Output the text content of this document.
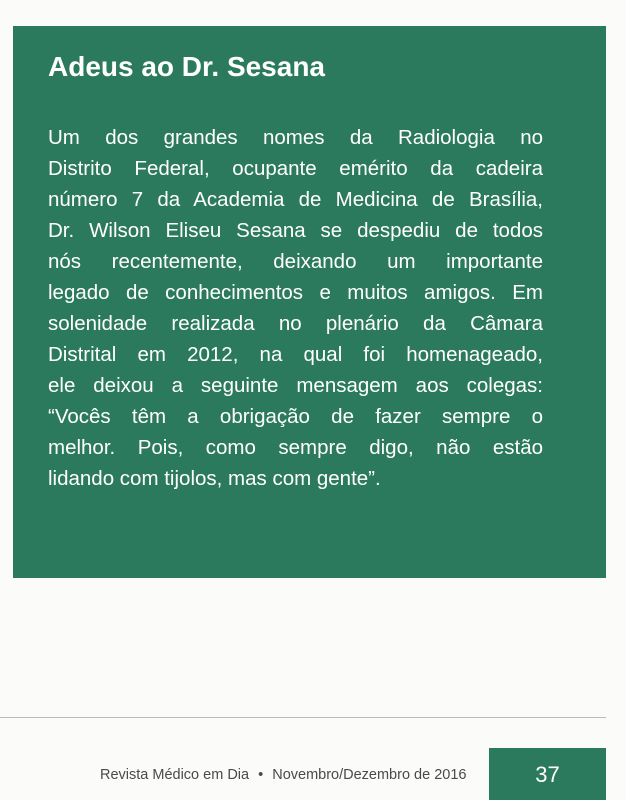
Adeus ao Dr. Sesana
Um dos grandes nomes da Radiologia no
Distrito Federal, ocupante emérito da cadeira
número 7 da Academia de Medicina de Brasília,
Dr. Wilson Eliseu Sesana se despediu de todos
nós recentemente, deixando um importante
legado de conhecimentos e muitos amigos. Em
solenidade realizada no plenário da Câmara
Distrital em 2012, na qual foi homenageado,
ele deixou a seguinte mensagem aos colegas:
“Vocês têm a obrigação de fazer sempre o
melhor. Pois, como sempre digo, não estão
lidando com tijolos, mas com gente”.
Revista Médico em Dia • Novembro/Dezembro de 2016	37
